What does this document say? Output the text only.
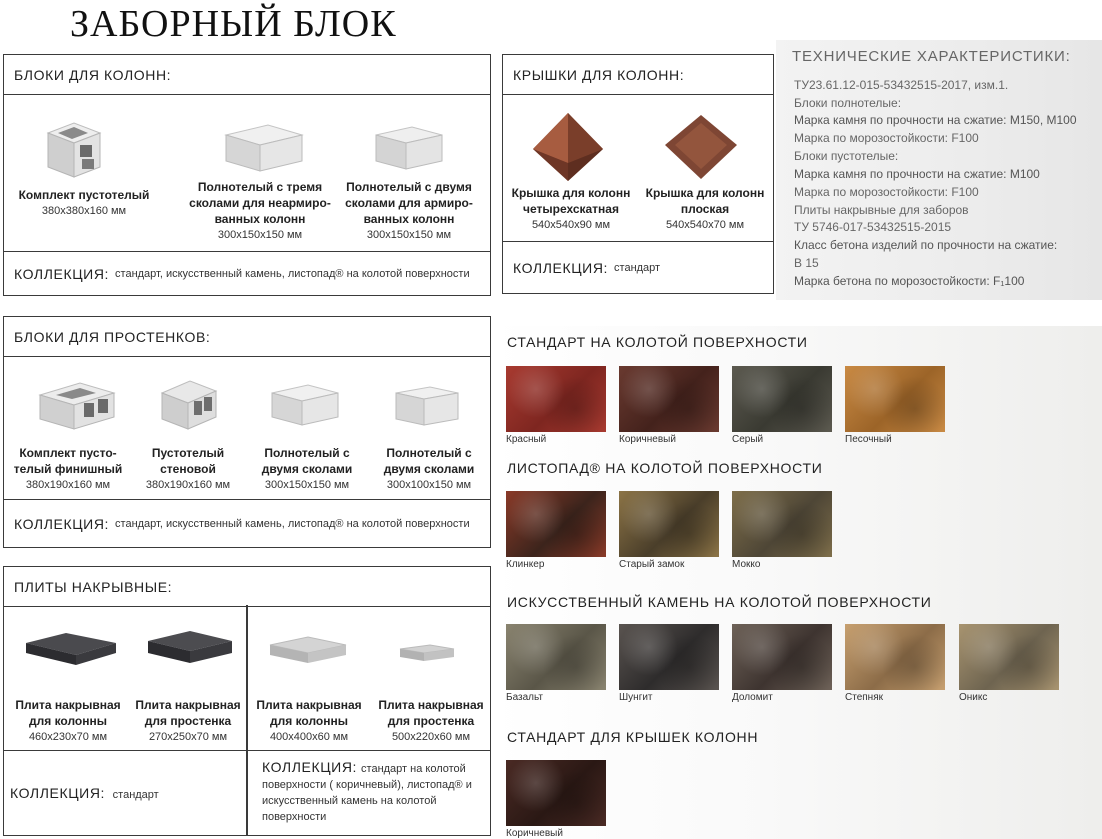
ЗАБОРНЫЙ БЛОК
БЛОКИ ДЛЯ КОЛОНН:
Комплект пустотелый
380x380x160 мм
Полнотелый с тремя сколами для неармиро-ванных колонн
300x150x150 мм
Полнотелый с двумя сколами для армиро-ванных колонн
300x150x150 мм
КОЛЛЕКЦИЯ: стандарт, искусственный камень, листопад® на колотой поверхности
КРЫШКИ ДЛЯ КОЛОНН:
Крышка для колонн четырехскатная
540x540x90 мм
Крышка для колонн плоская
540x540x70 мм
КОЛЛЕКЦИЯ: стандарт
ТЕХНИЧЕСКИЕ ХАРАКТЕРИСТИКИ:
ТУ23.61.12-015-53432515-2017, изм.1.
Блоки полнотелые:
Марка камня по прочности на сжатие: М150, М100
Марка по морозостойкости: F100
Блоки пустотелые:
Марка камня по прочности на сжатие: М100
Марка по морозостойкости: F100
Плиты накрывные для заборов
ТУ 5746-017-53432515-2015
Класс бетона изделий по прочности на сжатие:
В 15
Марка бетона по морозостойкости: F₁100
БЛОКИ ДЛЯ ПРОСТЕНКОВ:
Комплект пусто-телый финишный
380x190x160 мм
Пустотелый стеновой
380x190x160 мм
Полнотелый с двумя сколами
300x150x150 мм
Полнотелый с двумя сколами
300x100x150 мм
КОЛЛЕКЦИЯ: стандарт, искусственный камень, листопад® на колотой поверхности
ПЛИТЫ НАКРЫВНЫЕ:
Плита накрывная для колонны
460x230x70 мм
Плита накрывная для простенка
270x250x70 мм
Плита накрывная для колонны
400x400x60 мм
Плита накрывная для простенка
500x220x60 мм
КОЛЛЕКЦИЯ: стандарт
КОЛЛЕКЦИЯ: стандарт на колотой поверхности ( коричневый), листопад® и искусственный камень на колотой поверхности
СТАНДАРТ НА КОЛОТОЙ ПОВЕРХНОСТИ
ЛИСТОПАД® НА КОЛОТОЙ ПОВЕРХНОСТИ
ИСКУССТВЕННЫЙ КАМЕНЬ НА КОЛОТОЙ ПОВЕРХНОСТИ
СТАНДАРТ ДЛЯ КРЫШЕК КОЛОНН
Красный	Коричневый	Серый	Песочный
Клинкер	Старый замок	Мокко
Базальт	Шунгит	Доломит	Степняк	Оникс
Коричневый
